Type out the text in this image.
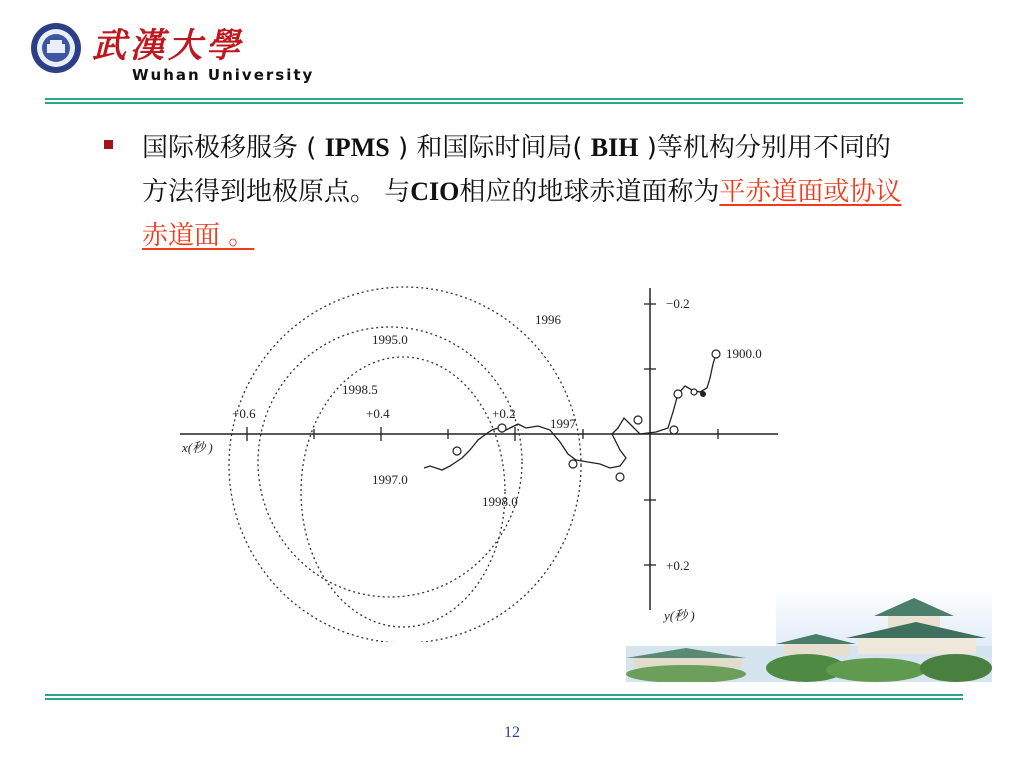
武漢大學
Wuhan University
国际极移服务 ( IPMS ) 和国际时间局( BIH )等机构分别用不同的方法得到地极原点。 与CIO相应的地球赤道面称为平赤道面或协议赤道面 。
−0.2
+0.2
+0.6	+0.4	+0.2
1900.0
1996
1995.0
1998.5
1997
1997.0
1998.0
x(秒 )
y(秒 )
12
